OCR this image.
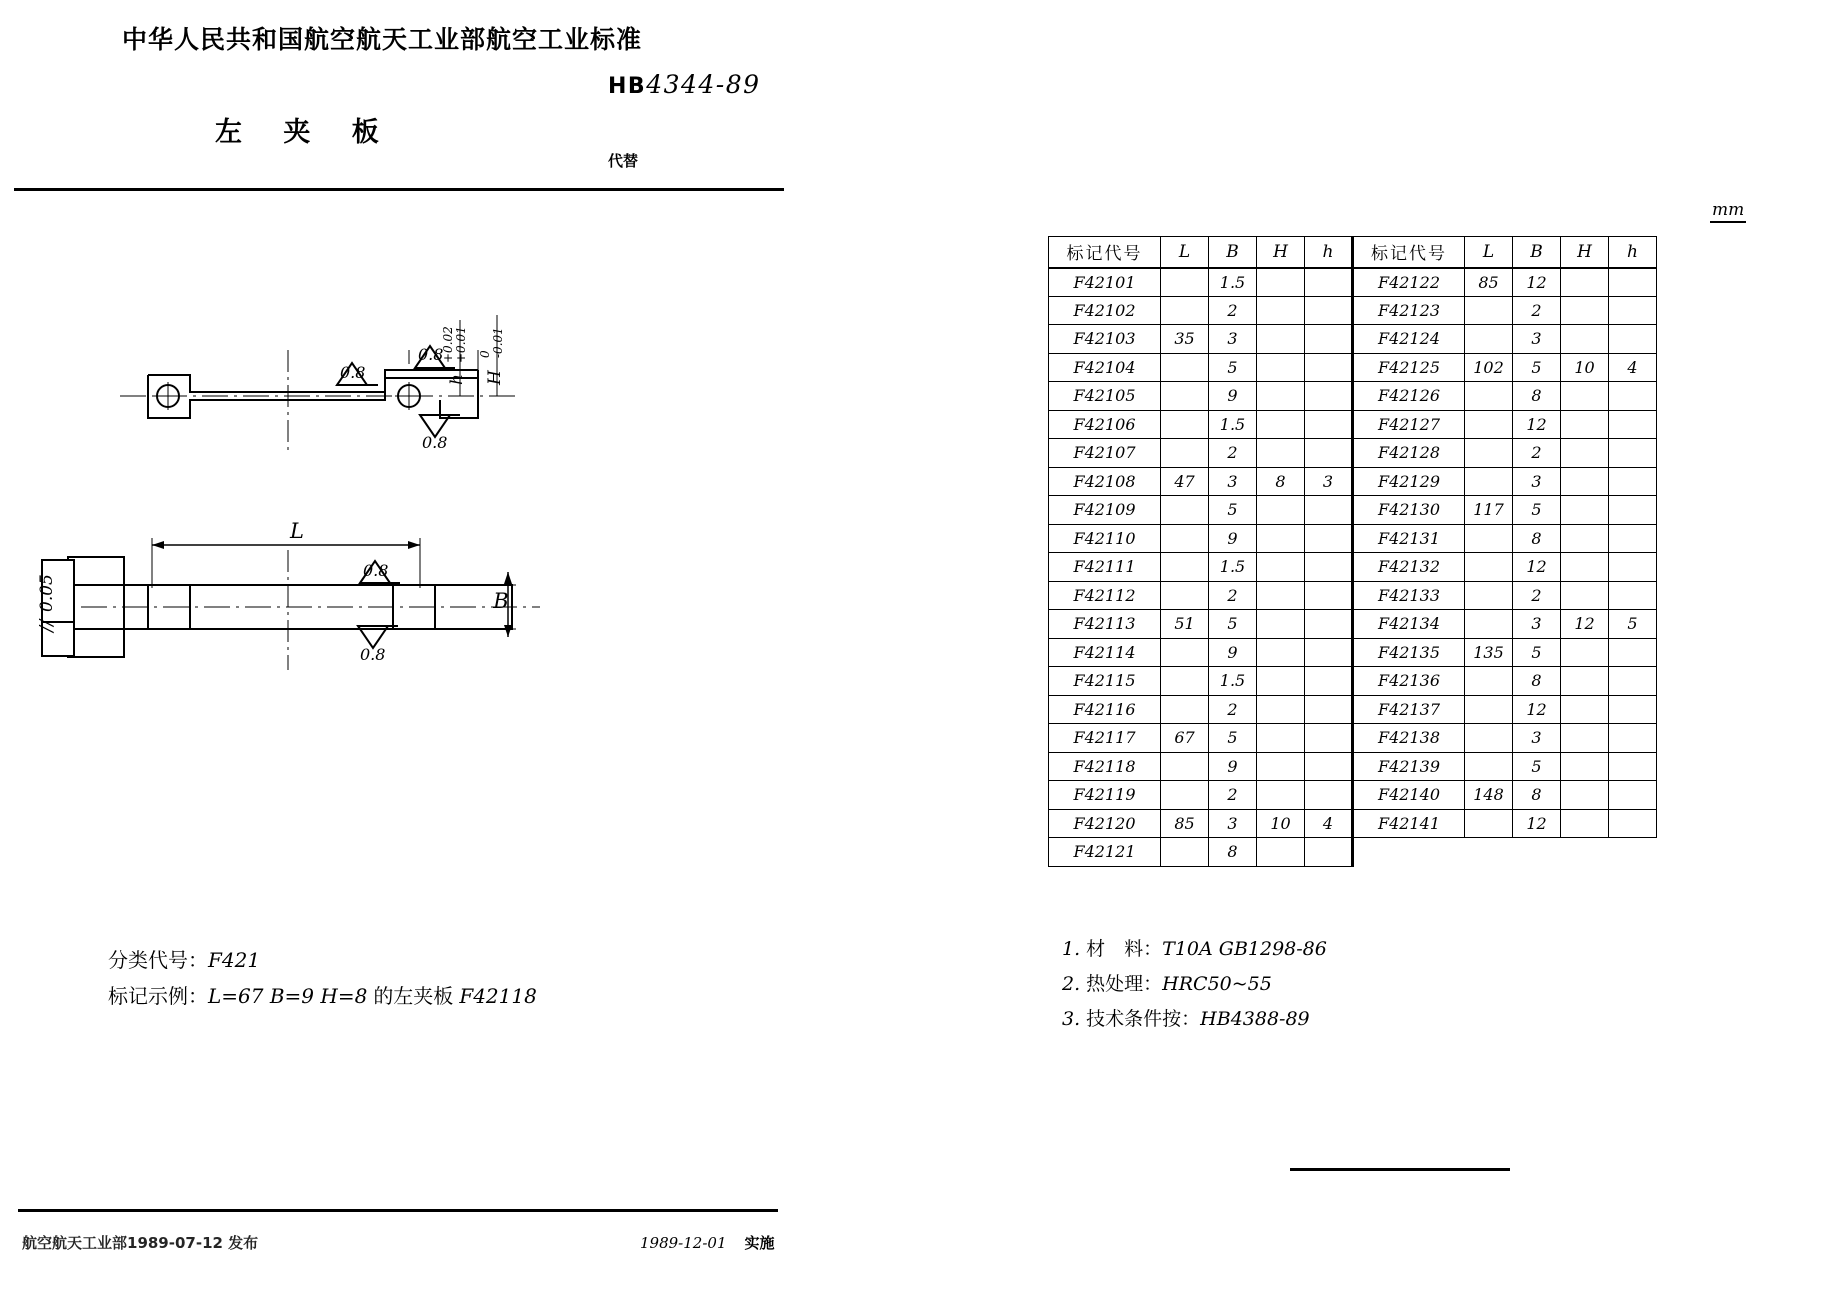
中华人民共和国航空航天工业部航空工业标准
HB4344-89
左 夹 板
代替
L
B
h H
+0.02 +0.01 0 -0.01
0.8
0.8
0.8
0.8
0.8
//
0.05
分类代号：F421
标记示例：L=67 B=9 H=8 的左夹板 F42118
mm
标记代号	L	B	H	h	标记代号	L	B	H	h
F42101		1.5			F42122	85	12		
F42102		2			F42123		2		
F42103	35	3			F42124		3		
F42104		5			F42125	102	5	10	4
F42105		9			F42126		8		
F42106		1.5			F42127		12		
F42107		2			F42128		2		
F42108	47	3	8	3	F42129		3		
F42109		5			F42130	117	5		
F42110		9			F42131		8		
F42111		1.5			F42132		12		
F42112		2			F42133		2		
F42113	51	5			F42134		3	12	5
F42114		9			F42135	135	5		
F42115		1.5			F42136		8		
F42116		2			F42137		12		
F42117	67	5			F42138		3		
F42118		9			F42139		5		
F42119		2			F42140	148	8		
F42120	85	3	10	4	F42141		12		
F42121		8							
1. 材　料：T10A GB1298-86
2. 热处理：HRC50~55
3. 技术条件按：HB4388-89
航空航天工业部1989-07-12 发布	1989-12-01 实施
